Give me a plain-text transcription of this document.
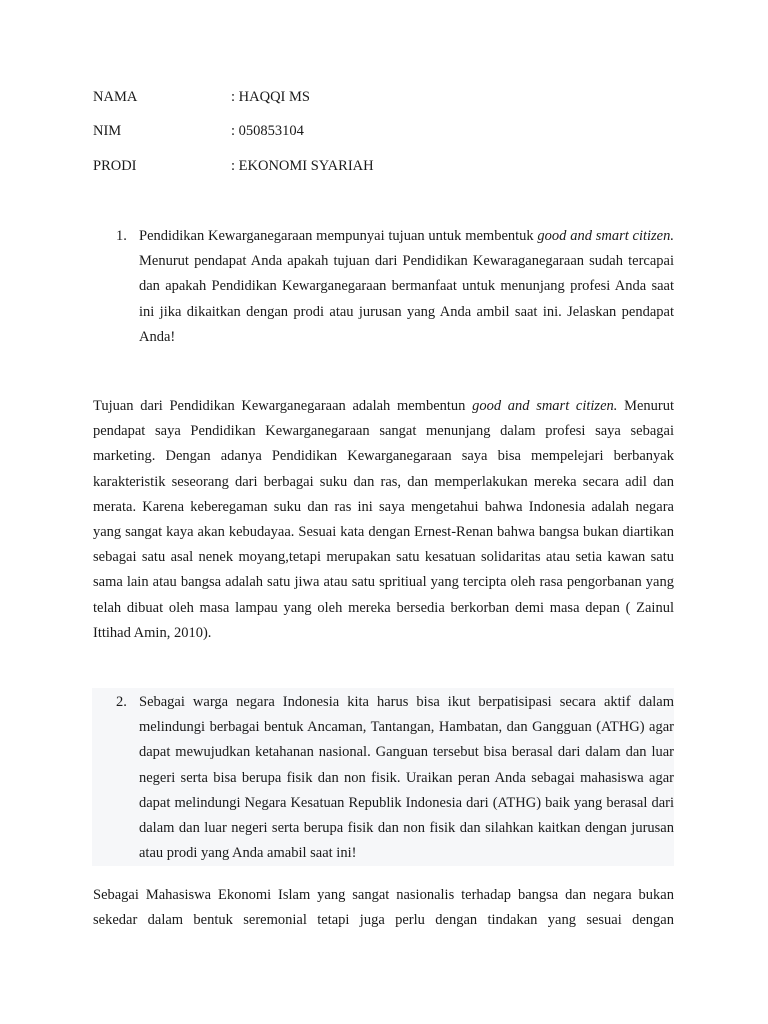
NAMA	: HAQQI MS
NIM	: 050853104
PRODI	: EKONOMI SYARIAH
1. Pendidikan Kewarganegaraan mempunyai tujuan untuk membentuk good and smart citizen. Menurut pendapat Anda apakah tujuan dari Pendidikan Kewaraganegaraan sudah tercapai dan apakah Pendidikan Kewarganegaraan bermanfaat untuk menunjang profesi Anda saat ini jika dikaitkan dengan prodi atau jurusan yang Anda ambil saat ini. Jelaskan pendapat Anda!
Tujuan dari Pendidikan Kewarganegaraan adalah membentun good and smart citizen. Menurut pendapat saya Pendidikan Kewarganegaraan sangat menunjang dalam profesi saya sebagai marketing. Dengan adanya Pendidikan Kewarganegaraan saya bisa mempelejari berbanyak karakteristik seseorang dari berbagai suku dan ras, dan memperlakukan mereka secara adil dan merata. Karena keberegaman suku dan ras ini saya mengetahui bahwa Indonesia adalah negara yang sangat kaya akan kebudayaa. Sesuai kata dengan Ernest-Renan bahwa bangsa bukan diartikan sebagai satu asal nenek moyang,tetapi merupakan satu kesatuan solidaritas atau setia kawan satu sama lain atau bangsa adalah satu jiwa atau satu spritiual yang tercipta oleh rasa pengorbanan yang telah dibuat oleh masa lampau yang oleh mereka bersedia berkorban demi masa depan ( Zainul Ittihad Amin, 2010).
2. Sebagai warga negara Indonesia kita harus bisa ikut berpatisipasi secara aktif dalam melindungi berbagai bentuk Ancaman, Tantangan, Hambatan, dan Gangguan (ATHG) agar dapat mewujudkan ketahanan nasional. Ganguan tersebut bisa berasal dari dalam dan luar negeri serta bisa berupa fisik dan non fisik. Uraikan peran Anda sebagai mahasiswa agar dapat melindungi Negara Kesatuan Republik Indonesia dari (ATHG) baik yang berasal dari dalam dan luar negeri serta berupa fisik dan non fisik dan silahkan kaitkan dengan jurusan atau prodi yang Anda amabil saat ini!
Sebagai Mahasiswa Ekonomi Islam yang sangat nasionalis terhadap bangsa dan negara bukan sekedar dalam bentuk seremonial tetapi juga perlu dengan tindakan yang sesuai dengan
